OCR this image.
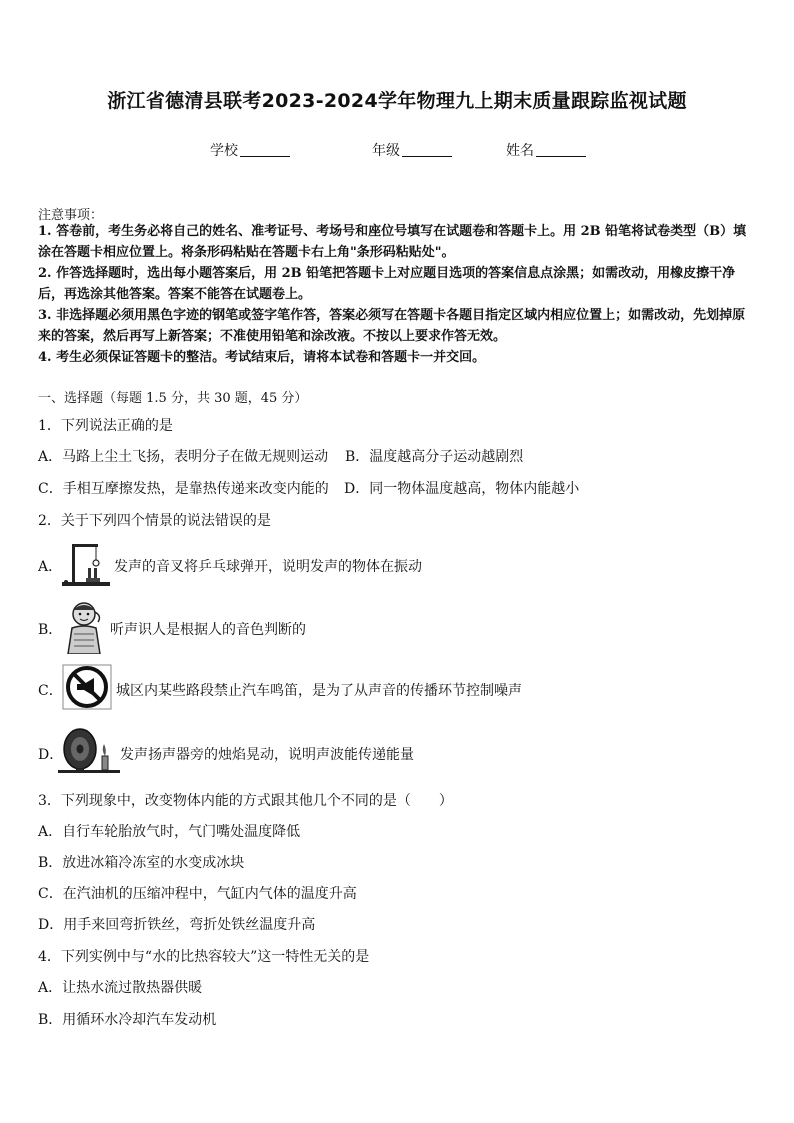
浙江省德清县联考2023-2024学年物理九上期末质量跟踪监视试题
学校	年级	姓名
注意事项：
1. 答卷前，考生务必将自己的姓名、准考证号、考场号和座位号填写在试题卷和答题卡上。用 2B 铅笔将试卷类型（B）填涂在答题卡相应位置上。将条形码粘贴在答题卡右上角"条形码粘贴处"。
2. 作答选择题时，选出每小题答案后，用 2B 铅笔把答题卡上对应题目选项的答案信息点涂黑；如需改动，用橡皮擦干净后，再选涂其他答案。答案不能答在试题卷上。
3. 非选择题必须用黑色字迹的钢笔或签字笔作答，答案必须写在答题卡各题目指定区域内相应位置上；如需改动，先划掉原来的答案，然后再写上新答案；不准使用铅笔和涂改液。不按以上要求作答无效。
4. 考生必须保证答题卡的整洁。考试结束后，请将本试卷和答题卡一并交回。
一、选择题（每题 1.5 分，共 30 题，45 分）
1．下列说法正确的是
A．马路上尘土飞扬，表明分子在做无规则运动 B．温度越高分子运动越剧烈
C．手相互摩擦发热，是靠热传递来改变内能的 D．同一物体温度越高，物体内能越小
2．关于下列四个情景的说法错误的是
A．	发声的音叉将乒乓球弹开，说明发声的物体在振动
B．	听声识人是根据人的音色判断的
C．	城区内某些路段禁止汽车鸣笛，是为了从声音的传播环节控制噪声
D．	发声扬声器旁的烛焰晃动，说明声波能传递能量
3．下列现象中，改变物体内能的方式跟其他几个不同的是（　　）
A．自行车轮胎放气时，气门嘴处温度降低
B．放进冰箱冷冻室的水变成冰块
C．在汽油机的压缩冲程中，气缸内气体的温度升高
D．用手来回弯折铁丝，弯折处铁丝温度升高
4．下列实例中与“水的比热容较大”这一特性无关的是
A．让热水流过散热器供暖
B．用循环水冷却汽车发动机
